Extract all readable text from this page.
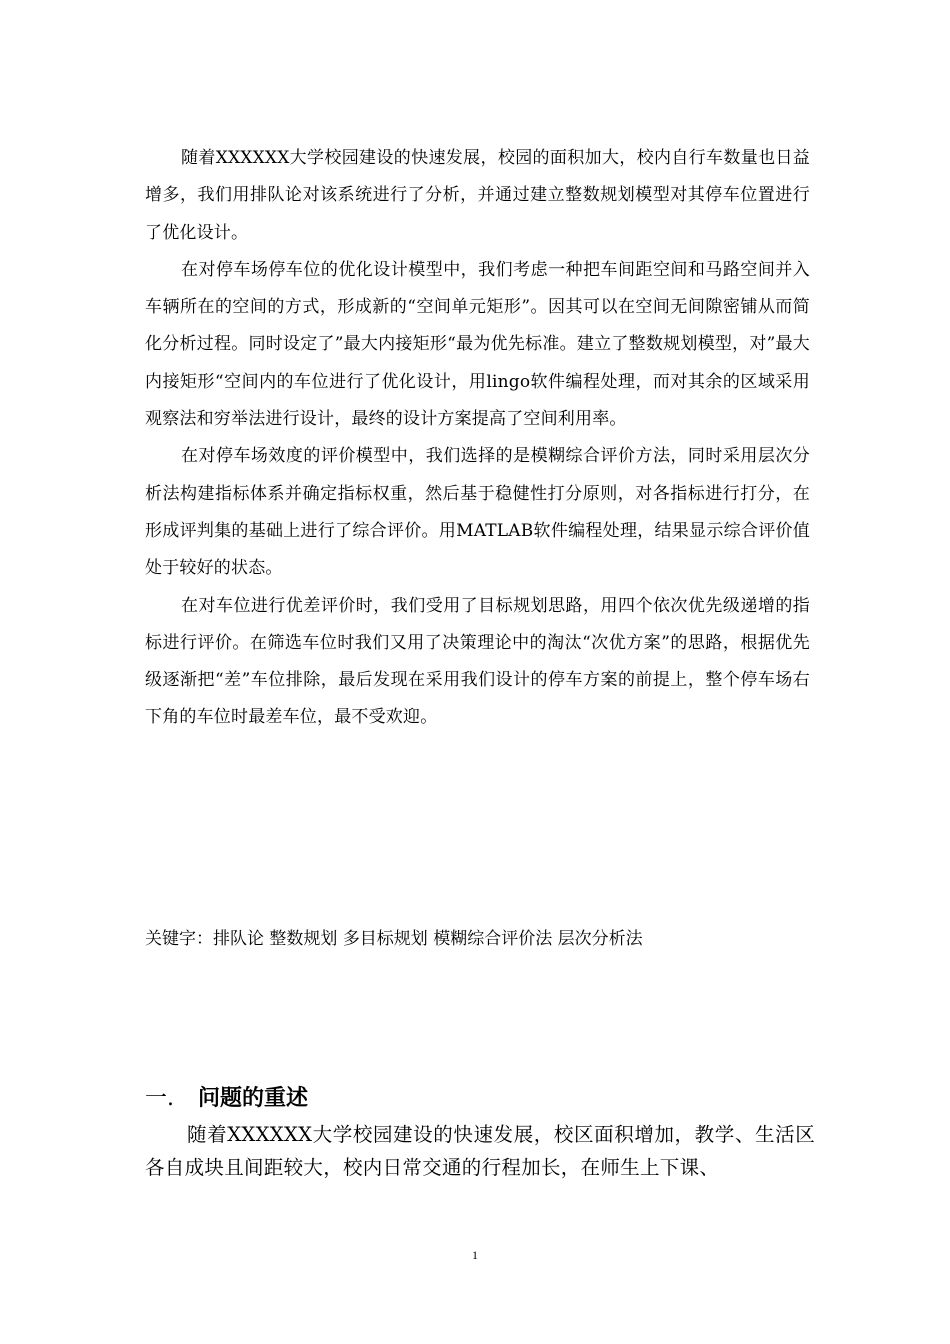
随着XXXXXX大学校园建设的快速发展，校园的面积加大，校内自行车数量也日益增多，我们用排队论对该系统进行了分析，并通过建立整数规划模型对其停车位置进行了优化设计。

在对停车场停车位的优化设计模型中，我们考虑一种把车间距空间和马路空间并入车辆所在的空间的方式，形成新的“空间单元矩形”。因其可以在空间无间隙密铺从而简化分析过程。同时设定了”最大内接矩形“最为优先标准。建立了整数规划模型，对”最大内接矩形“空间内的车位进行了优化设计，用lingo软件编程处理，而对其余的区域采用观察法和穷举法进行设计，最终的设计方案提高了空间利用率。

在对停车场效度的评价模型中，我们选择的是模糊综合评价方法，同时采用层次分析法构建指标体系并确定指标权重，然后基于稳健性打分原则，对各指标进行打分，在形成评判集的基础上进行了综合评价。用MATLAB软件编程处理，结果显示综合评价值处于较好的状态。

在对车位进行优差评价时，我们受用了目标规划思路，用四个依次优先级递增的指标进行评价。在筛选车位时我们又用了决策理论中的淘汰“次优方案”的思路，根据优先级逐渐把“差”车位排除，最后发现在采用我们设计的停车方案的前提上，整个停车场右下角的车位时最差车位，最不受欢迎。

关键字：排队论 整数规划 多目标规划 模糊综合评价法 层次分析法
一. 问题的重述

随着XXXXXX大学校园建设的快速发展，校区面积增加，教学、生活区各自成块且间距较大，校内日常交通的行程加长，在师生上下课、

1
